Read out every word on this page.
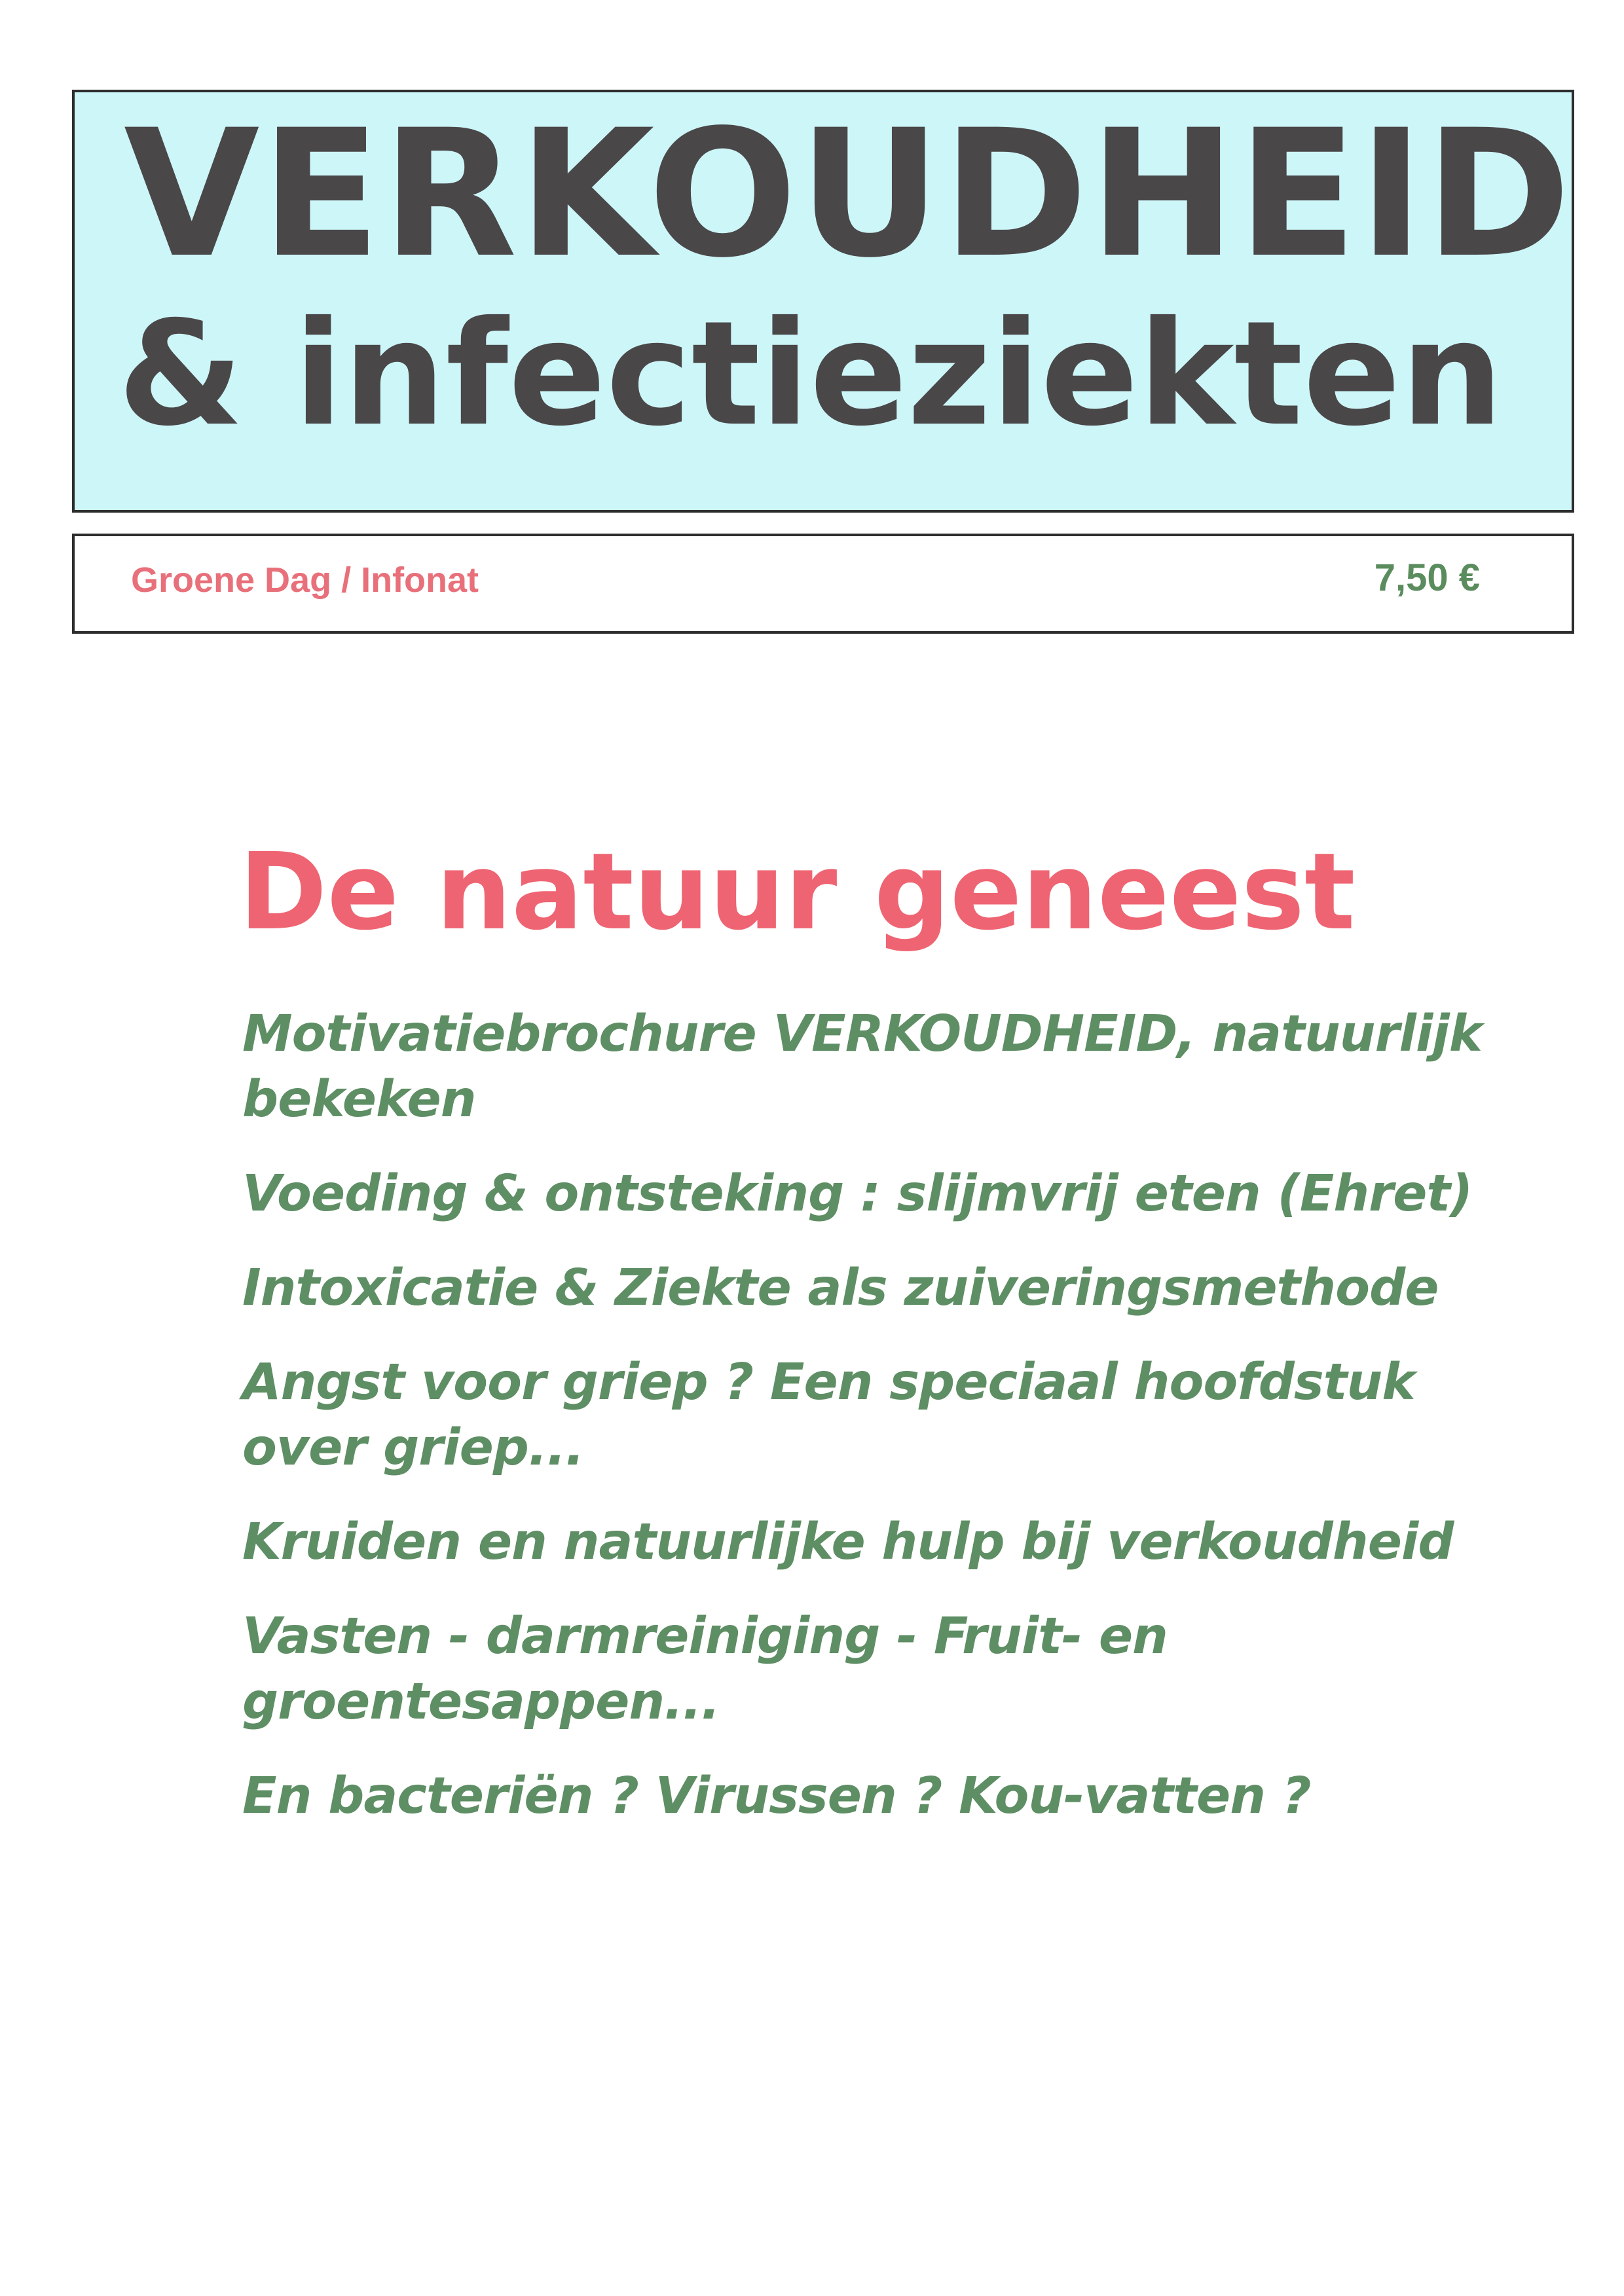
VERKOUDHEID
& infectieziekten
Groene Dag / Infonat	7,50 €
De natuur geneest
Motivatiebrochure VERKOUDHEID, natuurlijk bekeken
Voeding & ontsteking : slijmvrij eten (Ehret)
Intoxicatie & Ziekte als zuiveringsmethode
Angst voor griep ? Een speciaal hoofdstuk over griep...
Kruiden en natuurlijke hulp bij verkoudheid
Vasten - darmreiniging - Fruit- en groentesappen...
En bacteriën ? Virussen ? Kou-vatten ?
